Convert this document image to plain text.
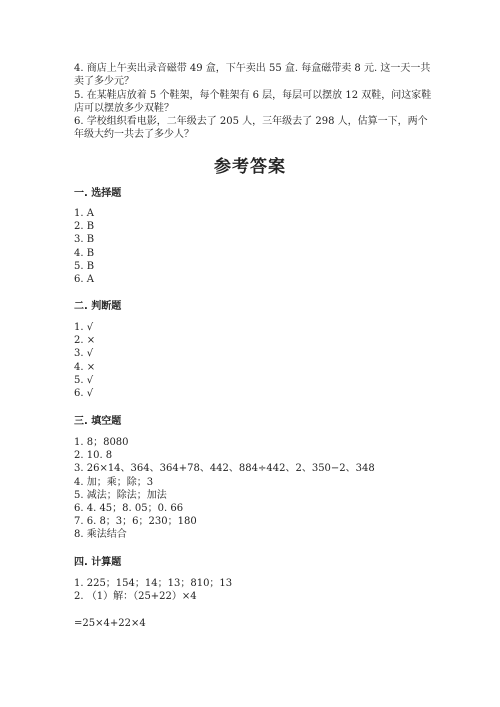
4. 商店上午卖出录音磁带 49 盒，下午卖出 55 盒. 每盒磁带卖 8 元. 这一天一共
卖了多少元？
5. 在某鞋店放着 5 个鞋架，每个鞋架有 6 层，每层可以摆放 12 双鞋，问这家鞋
店可以摆放多少双鞋？
6. 学校组织看电影，二年级去了 205 人，三年级去了 298 人，估算一下，两个
年级大约一共去了多少人？
参考答案
一. 选择题
1. A
2. B
3. B
4. B
5. B
6. A
二. 判断题
1. √
2. ×
3. √
4. ×
5. √
6. √
三. 填空题
1. 8；8080
2. 10. 8
3. 26×14、364、364+78、442、884÷442、2、350−2、348
4. 加；乘；除；3
5. 减法；除法；加法
6. 4. 45；8. 05；0. 66
7. 6. 8；3；6；230；180
8. 乘法结合
四. 计算题
1. 225；154；14；13；810；13
2. （1）解：（25+22）×4
=25×4+22×4
